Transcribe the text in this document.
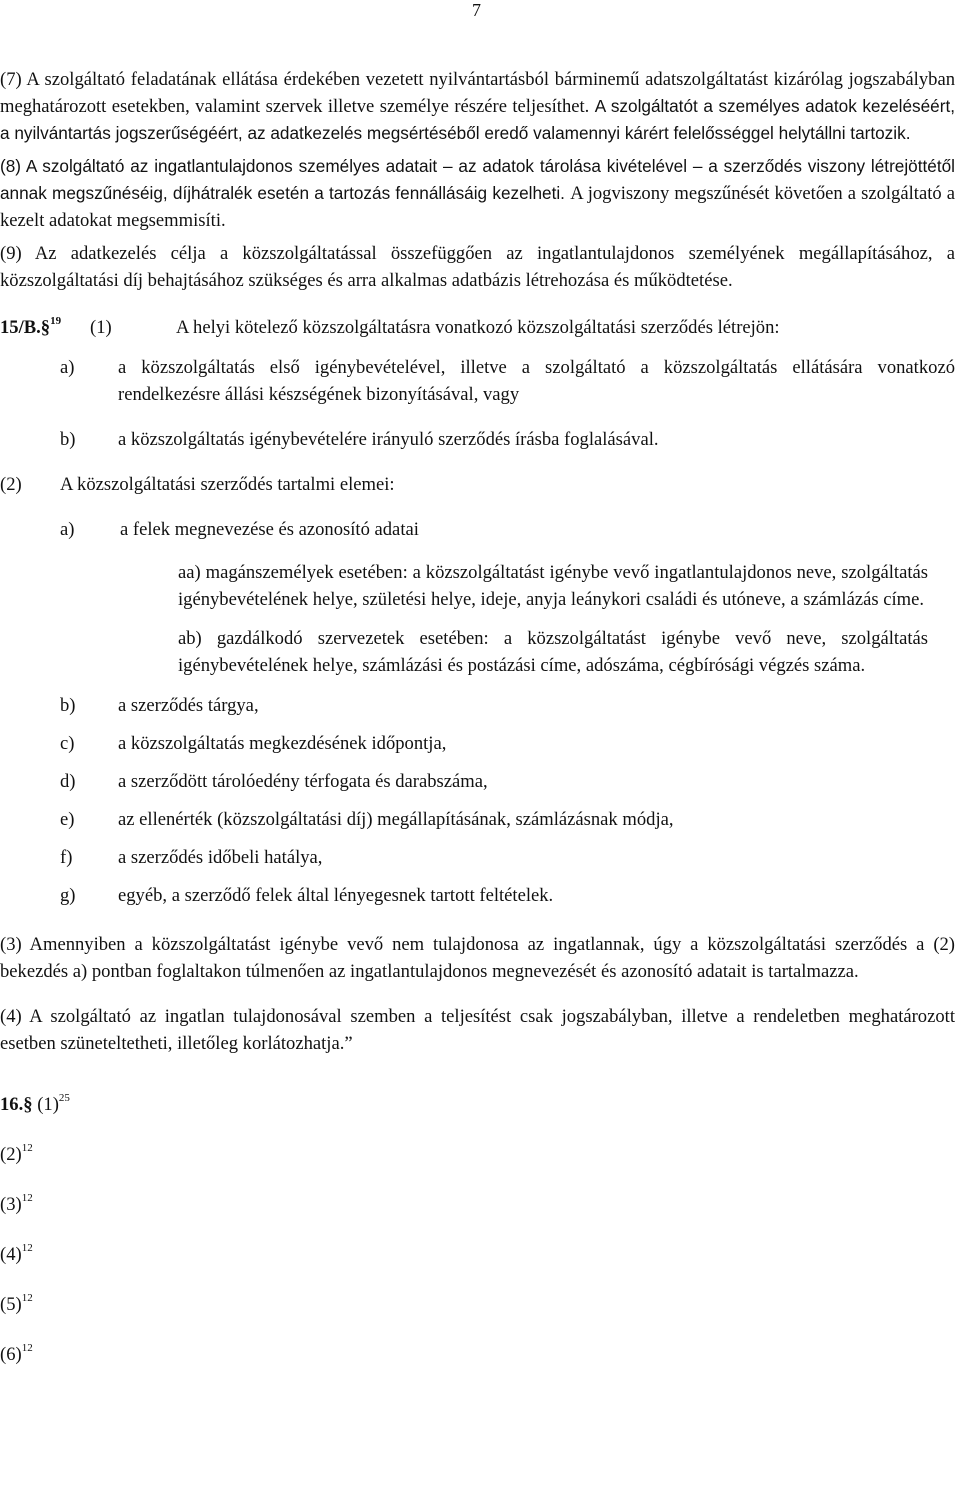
7

(7) A szolgáltató feladatának ellátása érdekében vezetett nyilvántartásból bárminemű adatszolgáltatást kizárólag jogszabályban meghatározott esetekben, valamint szervek illetve személye részére teljesíthet. A szolgáltatót a személyes adatok kezeléséért, a nyilvántartás jogszerűségéért, az adatkezelés megsértéséből eredő valamennyi kárért felelősséggel helytállni tartozik.

(8) A szolgáltató az ingatlantulajdonos személyes adatait – az adatok tárolása kivételével – a szerződés viszony létrejöttétől annak megszűnéséig, díjhátralék esetén a tartozás fennállásáig kezelheti. A jogviszony megszűnését követően a szolgáltató a kezelt adatokat megsemmisíti.

(9) Az adatkezelés célja a közszolgáltatással összefüggően az ingatlantulajdonos személyének megállapításához, a közszolgáltatási díj behajtásához szükséges és arra alkalmas adatbázis létrehozása és működtetése.

15/B.§$^{19}$	(1)	A helyi kötelező közszolgáltatásra vonatkozó közszolgáltatási szerződés létrejön:
a)	a közszolgáltatás első igénybevételével, illetve a szolgáltató a közszolgáltatás ellátására vonatkozó rendelkezésre állási készségének bizonyításával, vagy
b)	a közszolgáltatás igénybevételére irányuló szerződés írásba foglalásával.
(2)	A közszolgáltatási szerződés tartalmi elemei:
a)	a felek megnevezése és azonosító adatai

aa) magánszemélyek esetében: a közszolgáltatást igénybe vevő ingatlantulajdonos neve, szolgáltatás igénybevételének helye, születési helye, ideje, anyja leánykori családi és utóneve, a számlázás címe.

ab) gazdálkodó szervezetek esetében: a közszolgáltatást igénybe vevő neve, szolgáltatás igénybevételének helye, számlázási és postázási címe, adószáma, cégbírósági végzés száma.

b)	a szerződés tárgya,
c)	a közszolgáltatás megkezdésének időpontja,
d)	a szerződött tárolóedény térfogata és darabszáma,
e)	az ellenérték (közszolgáltatási díj) megállapításának, számlázásnak módja,
f)	a szerződés időbeli hatálya,
g)	egyéb, a szerződő felek által lényegesnek tartott feltételek.

(3) Amennyiben a közszolgáltatást igénybe vevő nem tulajdonosa az ingatlannak, úgy a közszolgáltatási szerződés a (2) bekezdés a) pontban foglaltakon túlmenően az ingatlantulajdonos megnevezését és azonosító adatait is tartalmazza.

(4) A szolgáltató az ingatlan tulajdonosával szemben a teljesítést csak jogszabályban, illetve a rendeletben meghatározott esetben szüneteltetheti, illetőleg korlátozhatja.”

16.§ $(1)^{25}$
$(2)^{12}$
$(3)^{12}$
$(4)^{12}$
$(5)^{12}$
$(6)^{12}$
